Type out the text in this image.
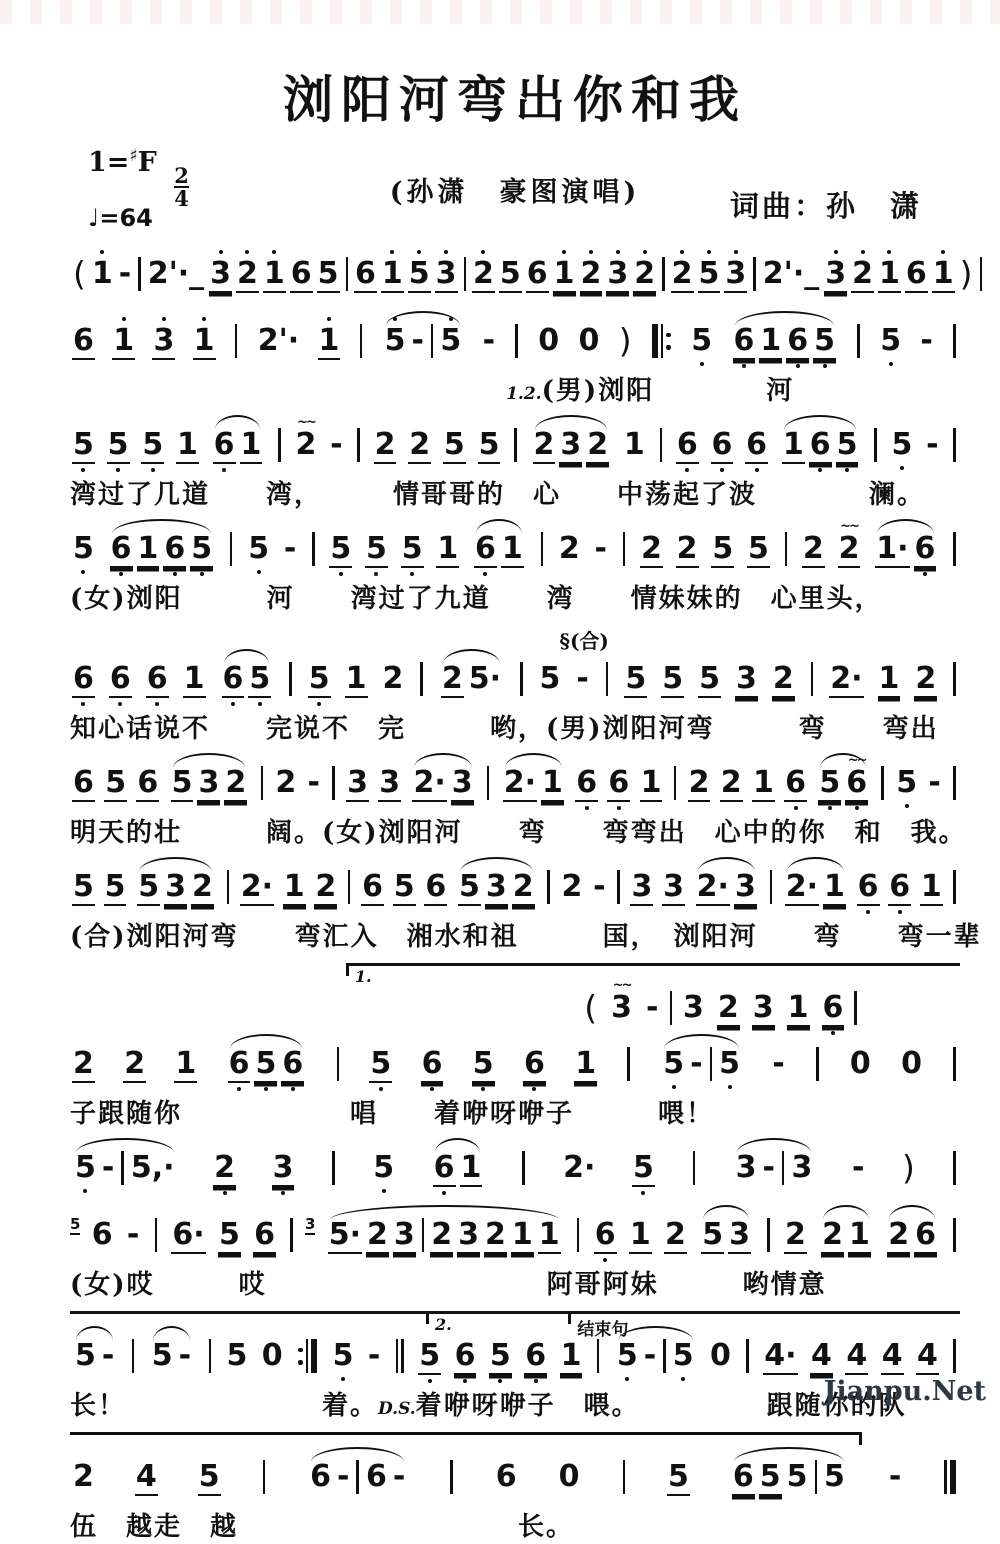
浏阳河弯出你和我
1=♯F
$\frac{2}{4}$
♩=64
(孙潇　豪图演唱)	词曲：孙　潇
( 1 - 2'·_ 3 2 1 6 5 6 1 5 3 2 5 6 1 2 3 2 2 5 3 2'·_ 3 2 1 6 1 )
6 1 3 1 2'· 1 5 - 5 - 0 0 ) 5 6 1 6 5 5 -
1.2.(男)浏阳　　　　河
5 5 5 1 6 1
~~
2 - 2 2 5 5 2 3 2 1 6 6 6 1 6 5 5 -
湾过了几道　　湾，　　　情哥哥的　心　　中荡起了波　　　　澜。
5 6 1 6 5 5 - 5 5 5 1 6 1 2 - 2 2 5 5 2
~~
2 1· 6
(女)浏阳　　　河　　湾过了九道　　湾　　情妹妹的　心里头，
§(合)
6 6 6 1 6 5 5 1 2 2 5· 5 - 5 5 5 3 2 2· 1 2
知心话说不　　完说不　完　　　哟，(男)浏阳河弯　　　弯　　弯出
6 5 6 5 3 2 2 - 3 3 2· 3 2· 1 6 6 1 2 2 1 6 5
~~
6 5 -
明天的壮　　　阔。(女)浏阳河　　弯　　弯弯出　心中的你　和　我。
5 5 5 3 2 2· 1 2 6 5 6 5 3 2 2 - 3 3 2· 3 2· 1 6 6 1
(合)浏阳河弯　　弯汇入　湘水和祖　　　国，　浏阳河　　弯　　弯一辈
1.
(
~~
3 - 3 2 3 1 6
2 2 1 6 5 6 5 6 5 6 1 5 - 5 - 0 0
子跟随你　　　　　　唱　　着咿呀咿子　　　喂！
5 - 5,· 2 3	5 6 1	2· 5	3 - 3 - )
5 6 - 6· 5 6 3 5· 2 3 2 3 2 1 1 6 1 2 5 3 2 2 1 2 6
(女)哎　　　哎　　　　　　　　　　阿哥阿妹　　　哟情意
2.	结束句
5 - 5 - 5 0 5 - 5 6 5 6 1 5 - 5 0 4· 4 4 4 4
长！　　　　　　　着。D.S.着咿呀咿子　喂。　　　　　跟随你的队
2 4 5	6 - 6 -	6 0	5 6 5 5 5 -
伍　越走　越　　　　　　　　　　长。
Jianpu.Net
